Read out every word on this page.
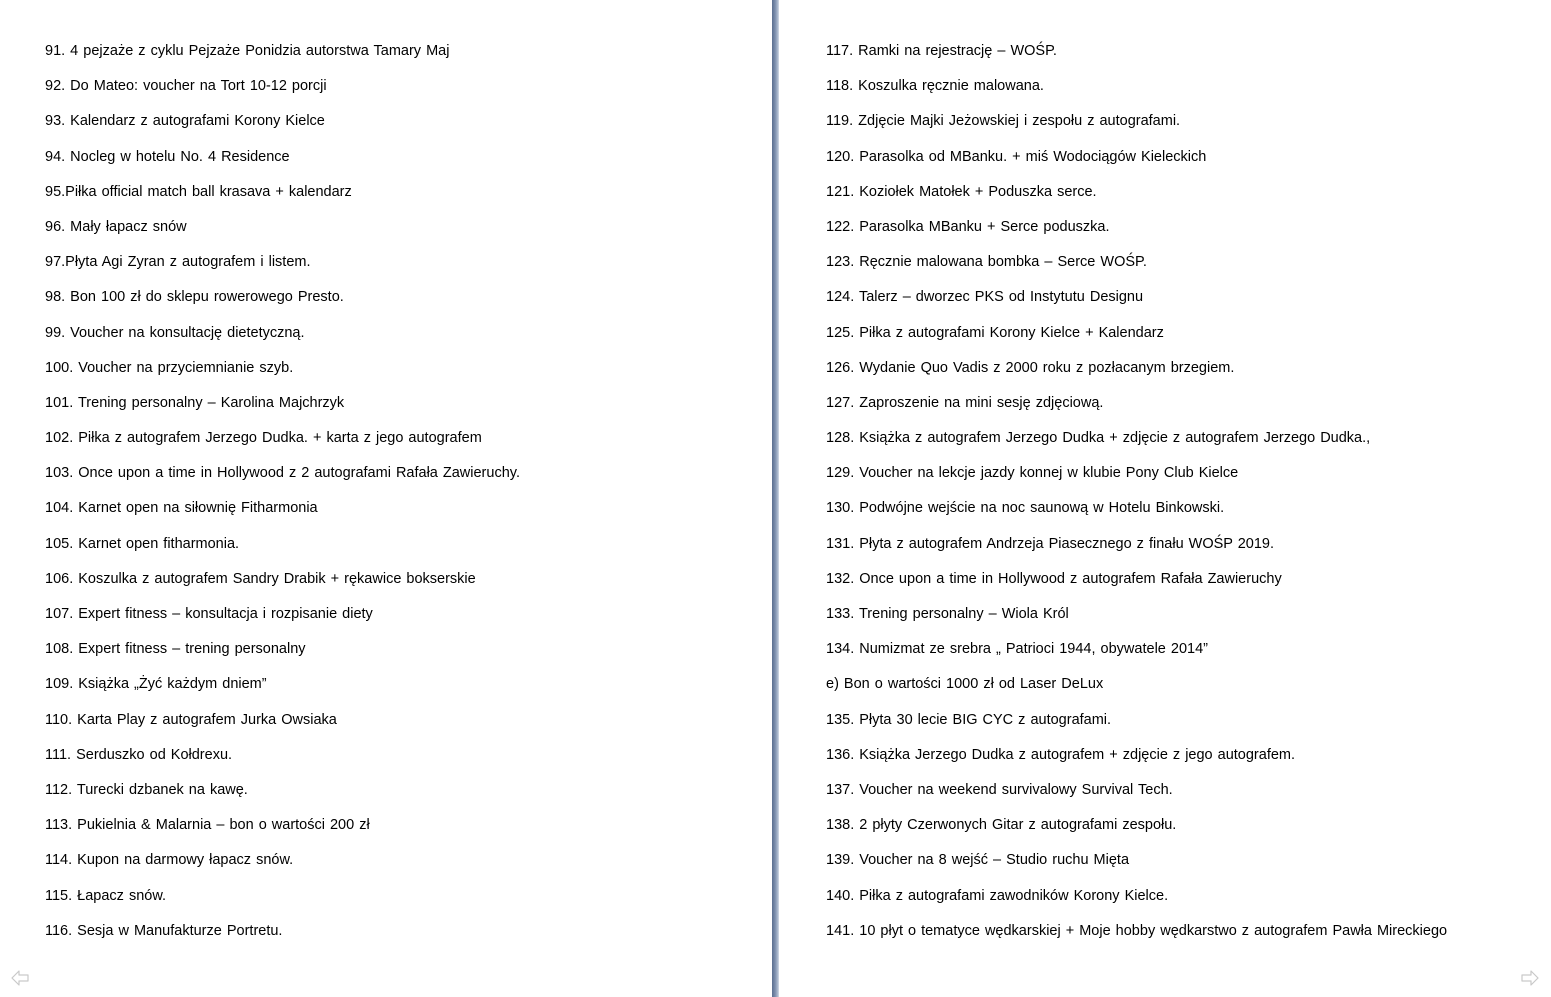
91. 4 pejzaże z cyklu Pejzaże Ponidzia autorstwa Tamary Maj
92. Do Mateo: voucher na Tort 10-12 porcji
93. Kalendarz z autografami Korony Kielce
94. Nocleg w hotelu No. 4 Residence
95.Piłka official match ball krasava + kalendarz
96. Mały łapacz snów
97.Płyta Agi Zyran z autografem i listem.
98. Bon 100 zł do sklepu rowerowego Presto.
99. Voucher na konsultację dietetyczną.
100. Voucher na przyciemnianie szyb.
101. Trening personalny – Karolina Majchrzyk
102. Piłka z autografem Jerzego Dudka. + karta z jego autografem
103. Once upon a time in Hollywood z 2 autografami Rafała Zawieruchy.
104. Karnet open na siłownię Fitharmonia
105. Karnet open fitharmonia.
106. Koszulka z autografem Sandry Drabik + rękawice bokserskie
107. Expert fitness – konsultacja i rozpisanie diety
108. Expert fitness – trening personalny
109. Książka „Żyć każdym dniem”
110. Karta Play z autografem Jurka Owsiaka
111. Serduszko od Kołdrexu.
112. Turecki dzbanek na kawę.
113. Pukielnia & Malarnia – bon o wartości 200 zł
114. Kupon na darmowy łapacz snów.
115. Łapacz snów.
116. Sesja w Manufakturze Portretu.
117. Ramki na rejestrację – WOŚP.
118. Koszulka ręcznie malowana.
119. Zdjęcie Majki Jeżowskiej i zespołu z autografami.
120. Parasolka od MBanku. + miś Wodociągów Kieleckich
121. Koziołek Matołek + Poduszka serce.
122. Parasolka MBanku + Serce poduszka.
123. Ręcznie malowana bombka – Serce WOŚP.
124. Talerz – dworzec PKS od Instytutu Designu
125. Piłka z autografami Korony Kielce + Kalendarz
126. Wydanie Quo Vadis z 2000 roku z pozłacanym brzegiem.
127. Zaproszenie na mini sesję zdjęciową.
128. Książka z autografem Jerzego Dudka + zdjęcie z autografem Jerzego Dudka.,
129. Voucher na lekcje jazdy konnej w klubie Pony Club Kielce
130. Podwójne wejście na noc saunową w Hotelu Binkowski.
131. Płyta z autografem Andrzeja Piasecznego z finału WOŚP 2019.
132. Once upon a time in Hollywood z autografem Rafała Zawieruchy
133. Trening personalny – Wiola Król
134. Numizmat ze srebra „ Patrioci 1944, obywatele 2014”
e) Bon o wartości 1000 zł od Laser DeLux
135. Płyta 30 lecie BIG CYC z autografami.
136. Książka Jerzego Dudka z autografem + zdjęcie z jego autografem.
137. Voucher na weekend survivalowy Survival Tech.
138. 2 płyty Czerwonych Gitar z autografami zespołu.
139. Voucher na 8 wejść – Studio ruchu Mięta
140. Piłka z autografami zawodników Korony Kielce.
141. 10 płyt o tematyce wędkarskiej + Moje hobby wędkarstwo z autografem Pawła Mireckiego
